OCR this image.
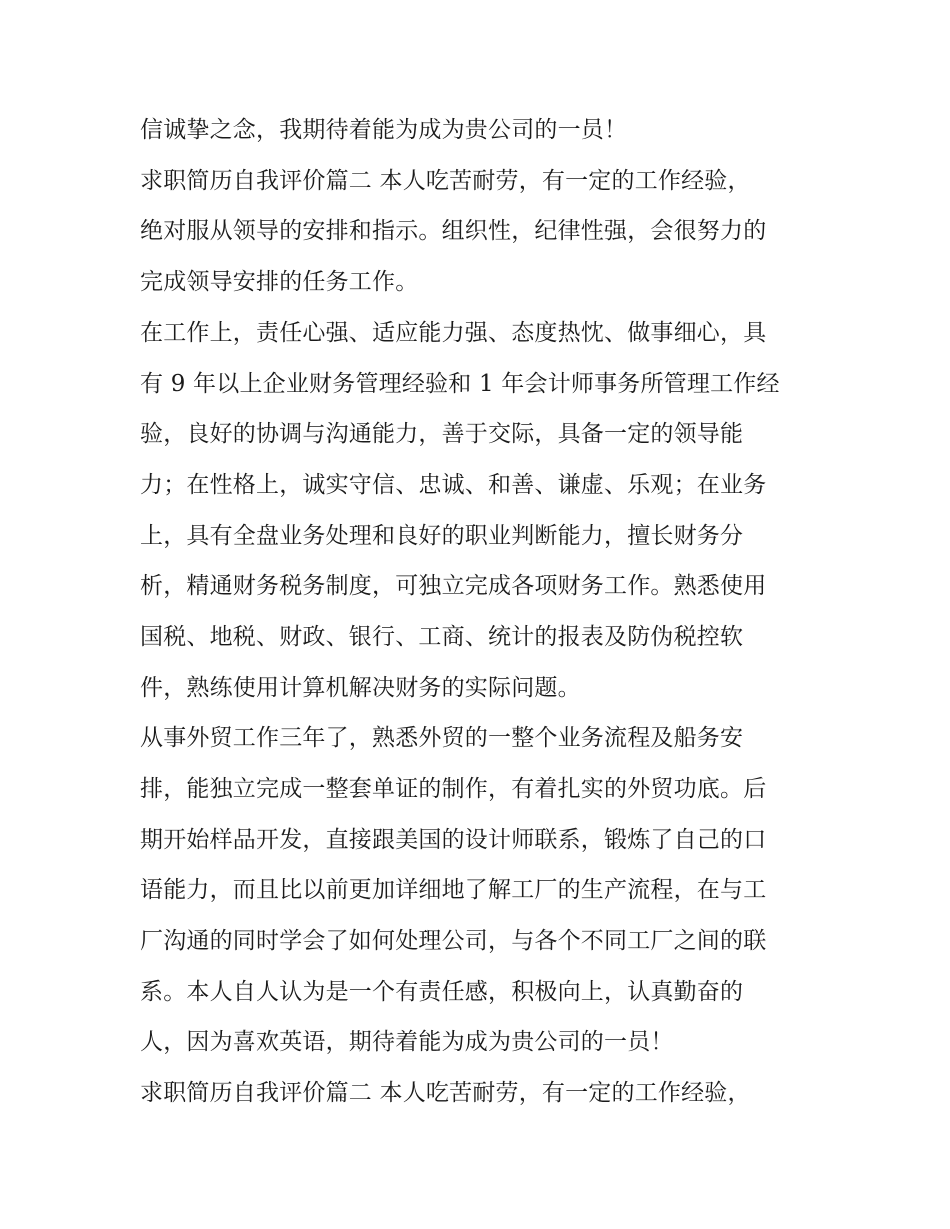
信诚挚之念，我期待着能为成为贵公司的一员！
求职简历自我评价篇二 本人吃苦耐劳，有一定的工作经验，
绝对服从领导的安排和指示。组织性，纪律性强，会很努力的
完成领导安排的任务工作。
在工作上，责任心强、适应能力强、态度热忱、做事细心，具
有 9 年以上企业财务管理经验和 1 年会计师事务所管理工作经
验，良好的协调与沟通能力，善于交际，具备一定的领导能
力；在性格上，诚实守信、忠诚、和善、谦虚、乐观；在业务
上，具有全盘业务处理和良好的职业判断能力，擅长财务分
析，精通财务税务制度，可独立完成各项财务工作。熟悉使用
国税、地税、财政、银行、工商、统计的报表及防伪税控软
件，熟练使用计算机解决财务的实际问题。
从事外贸工作三年了，熟悉外贸的一整个业务流程及船务安
排，能独立完成一整套单证的制作，有着扎实的外贸功底。后
期开始样品开发，直接跟美国的设计师联系，锻炼了自己的口
语能力，而且比以前更加详细地了解工厂的生产流程，在与工
厂沟通的同时学会了如何处理公司，与各个不同工厂之间的联
系。本人自人认为是一个有责任感，积极向上，认真勤奋的
人，因为喜欢英语，期待着能为成为贵公司的一员！
求职简历自我评价篇二 本人吃苦耐劳，有一定的工作经验，
